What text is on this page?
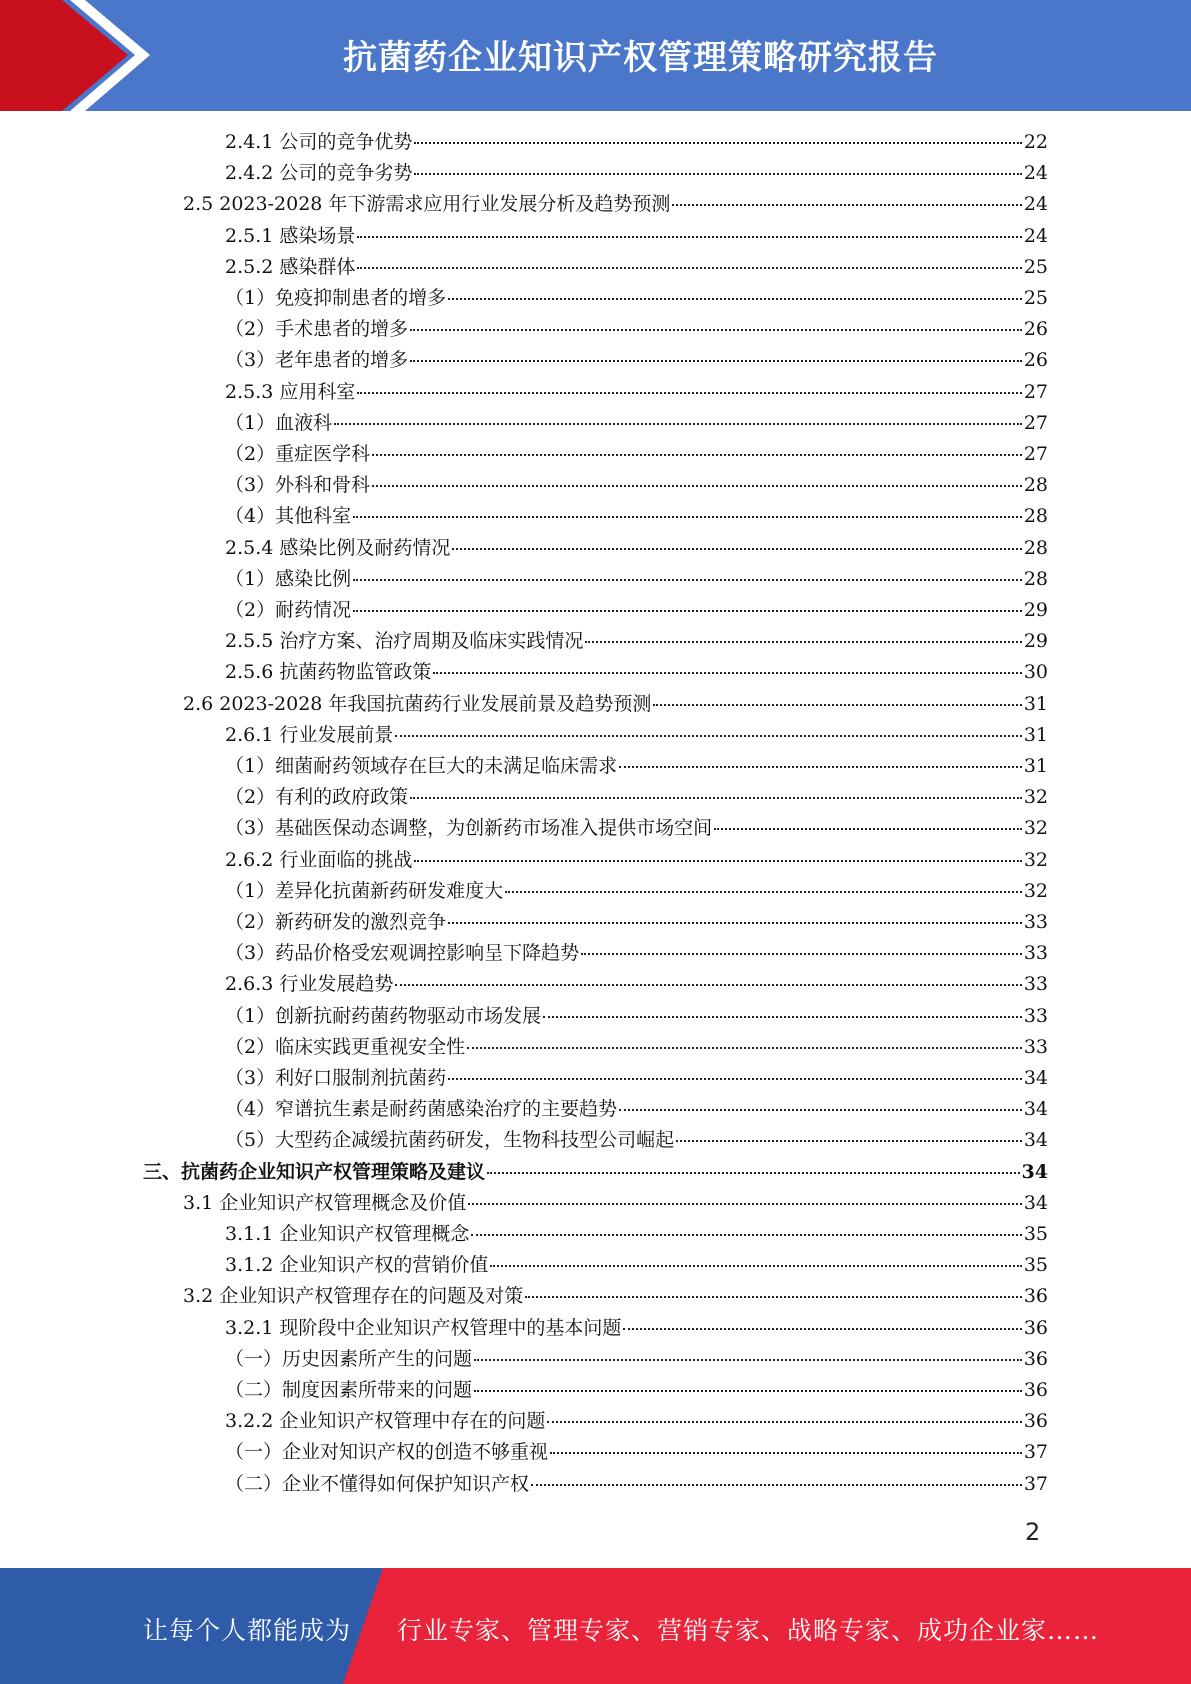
抗菌药企业知识产权管理策略研究报告
2.4.1 公司的竞争优势	22
2.4.2 公司的竞争劣势	24
2.5 2023-2028 年下游需求应用行业发展分析及趋势预测	24
2.5.1 感染场景	24
2.5.2 感染群体	25
（1）免疫抑制患者的增多	25
（2）手术患者的增多	26
（3）老年患者的增多	26
2.5.3 应用科室	27
（1）血液科	27
（2）重症医学科	27
（3）外科和骨科	28
（4）其他科室	28
2.5.4 感染比例及耐药情况	28
（1）感染比例	28
（2）耐药情况	29
2.5.5 治疗方案、治疗周期及临床实践情况	29
2.5.6 抗菌药物监管政策	30
2.6 2023-2028 年我国抗菌药行业发展前景及趋势预测	31
2.6.1 行业发展前景	31
（1）细菌耐药领域存在巨大的未满足临床需求	31
（2）有利的政府政策	32
（3）基础医保动态调整，为创新药市场准入提供市场空间	32
2.6.2 行业面临的挑战	32
（1）差异化抗菌新药研发难度大	32
（2）新药研发的激烈竞争	33
（3）药品价格受宏观调控影响呈下降趋势	33
2.6.3 行业发展趋势	33
（1）创新抗耐药菌药物驱动市场发展	33
（2）临床实践更重视安全性	33
（3）利好口服制剂抗菌药	34
（4）窄谱抗生素是耐药菌感染治疗的主要趋势	34
（5）大型药企减缓抗菌药研发，生物科技型公司崛起	34
三、抗菌药企业知识产权管理策略及建议	34
3.1 企业知识产权管理概念及价值	34
3.1.1 企业知识产权管理概念	35
3.1.2 企业知识产权的营销价值	35
3.2 企业知识产权管理存在的问题及对策	36
3.2.1 现阶段中企业知识产权管理中的基本问题	36
（一）历史因素所产生的问题	36
（二）制度因素所带来的问题	36
3.2.2 企业知识产权管理中存在的问题	36
（一）企业对知识产权的创造不够重视	37
（二）企业不懂得如何保护知识产权	37
2
让每个人都能成为 行业专家、管理专家、营销专家、战略专家、成功企业家……
